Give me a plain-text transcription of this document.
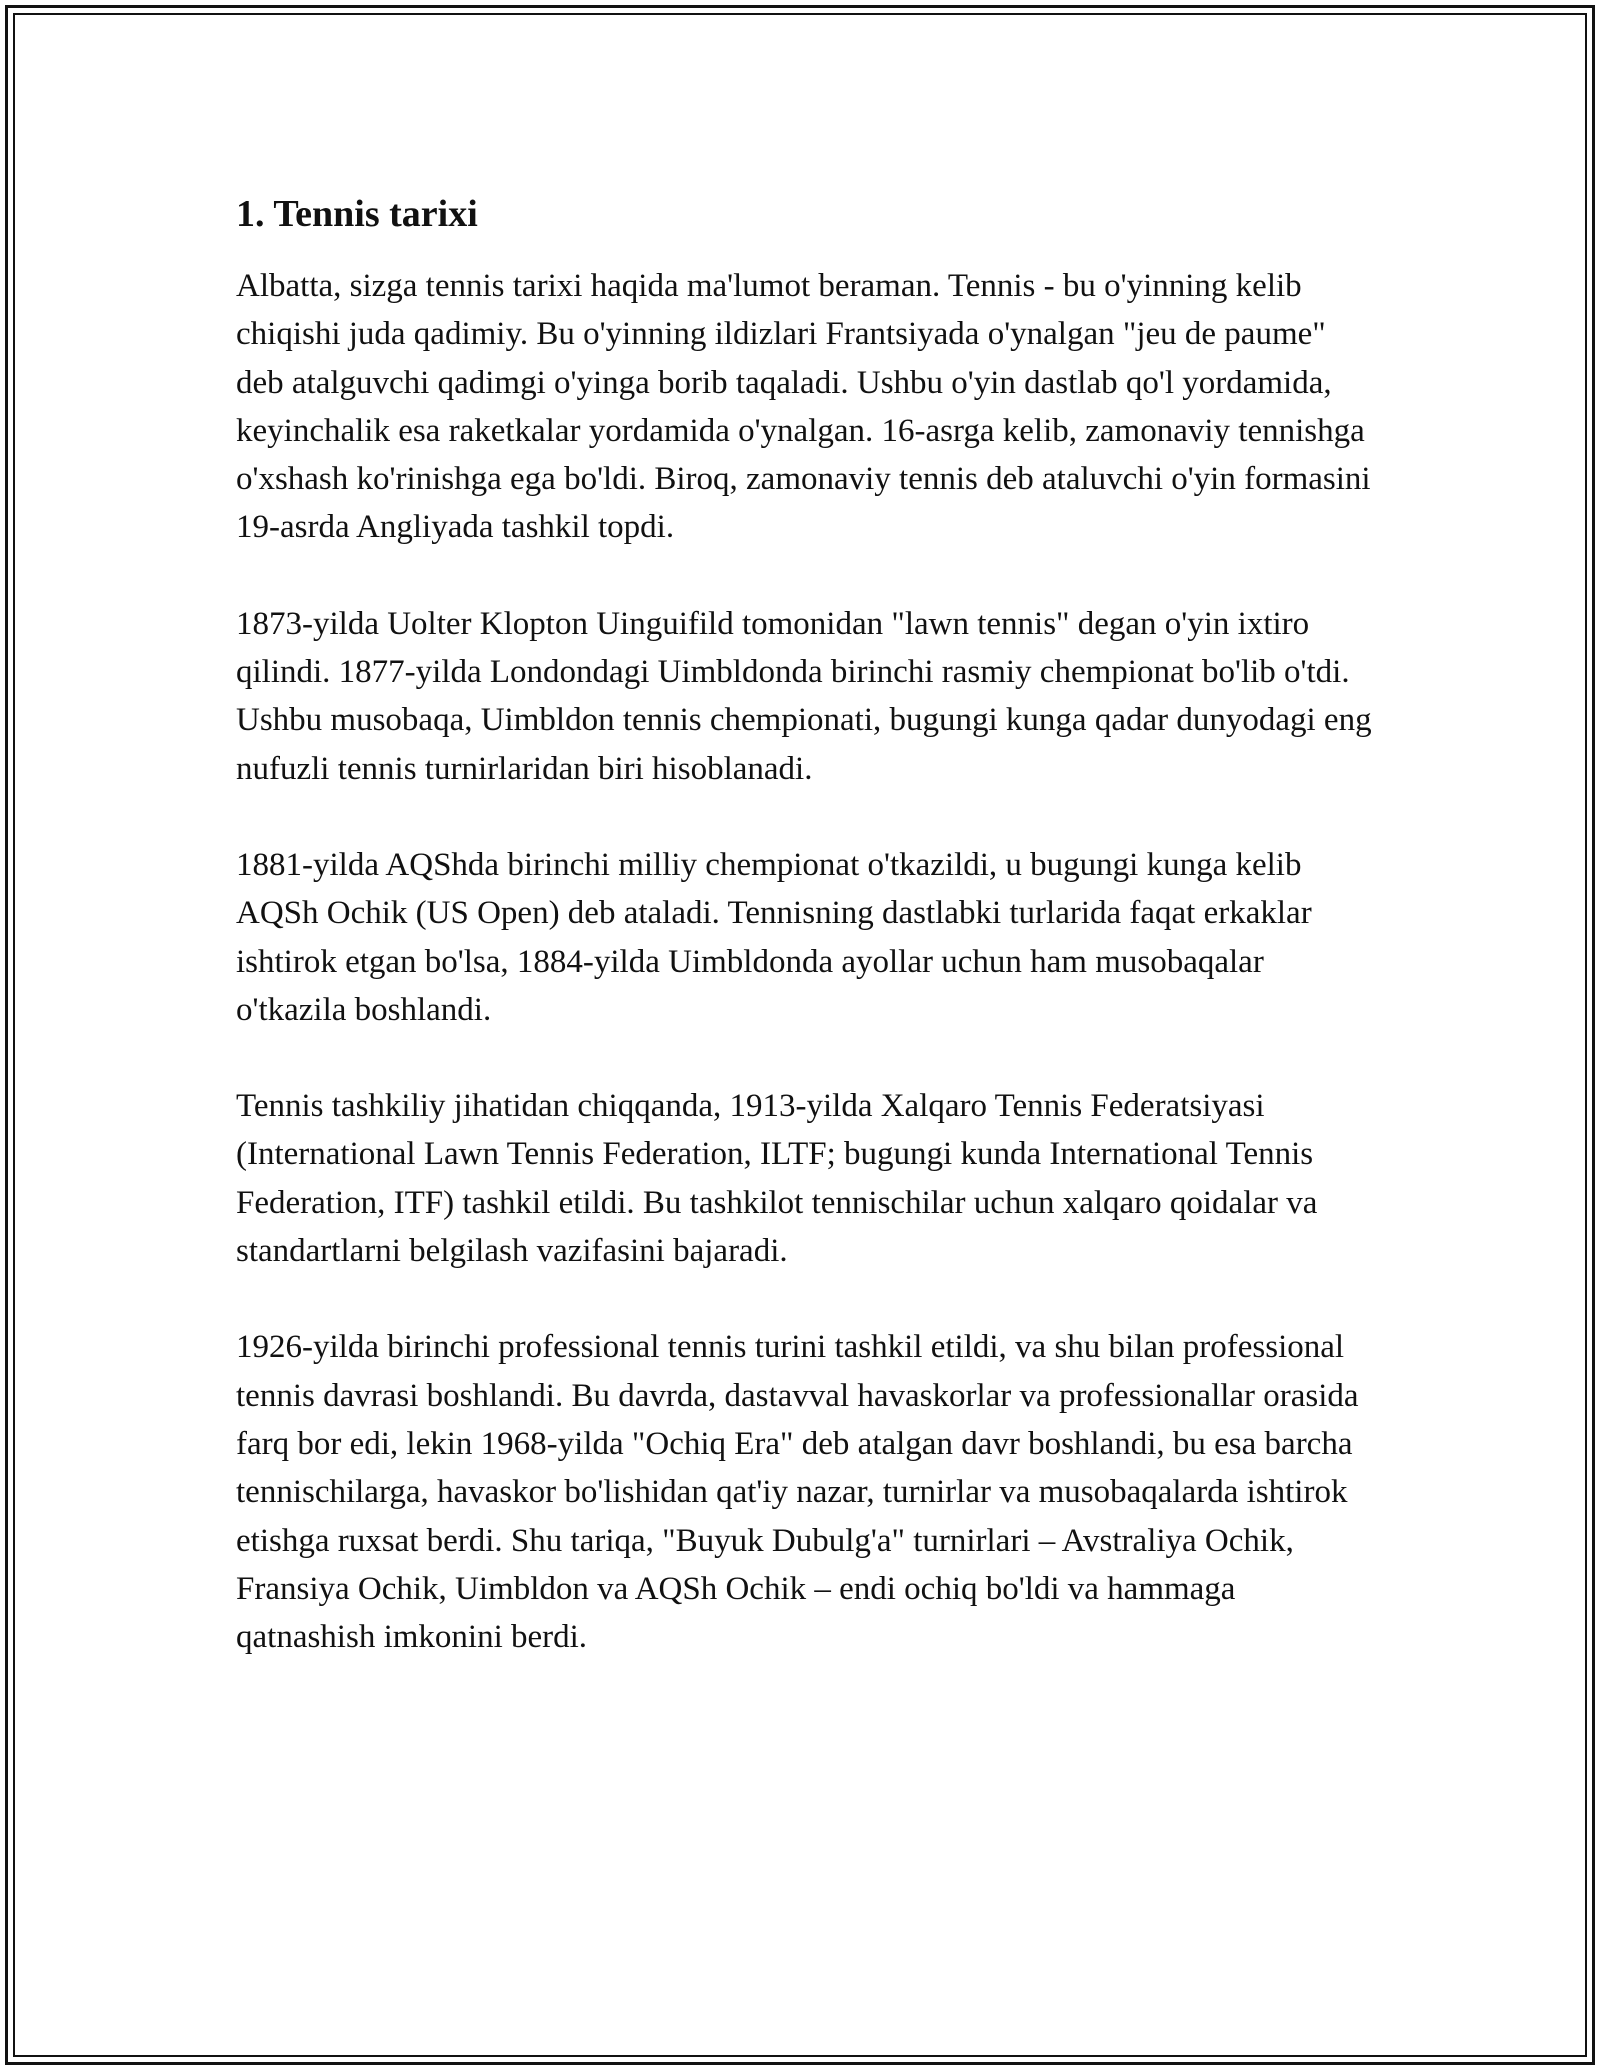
1. Tennis tarixi

Albatta, sizga tennis tarixi haqida ma'lumot beraman. Tennis - bu o'yinning kelib chiqishi juda qadimiy. Bu o'yinning ildizlari Frantsiyada o'ynalgan "jeu de paume" deb atalguvchi qadimgi o'yinga borib taqaladi. Ushbu o'yin dastlab qo'l yordamida, keyinchalik esa raketkalar yordamida o'ynalgan. 16-asrga kelib, zamonaviy tennishga o'xshash ko'rinishga ega bo'ldi. Biroq, zamonaviy tennis deb ataluvchi o'yin formasini 19-asrda Angliyada tashkil topdi.

1873-yilda Uolter Klopton Uinguifild tomonidan "lawn tennis" degan o'yin ixtiro qilindi. 1877-yilda Londondagi Uimbldonda birinchi rasmiy chempionat bo'lib o'tdi. Ushbu musobaqa, Uimbldon tennis chempionati, bugungi kunga qadar dunyodagi eng nufuzli tennis turnirlaridan biri hisoblanadi.

1881-yilda AQShda birinchi milliy chempionat o'tkazildi, u bugungi kunga kelib AQSh Ochik (US Open) deb ataladi. Tennisning dastlabki turlarida faqat erkaklar ishtirok etgan bo'lsa, 1884-yilda Uimbldonda ayollar uchun ham musobaqalar o'tkazila boshlandi.

Tennis tashkiliy jihatidan chiqqanda, 1913-yilda Xalqaro Tennis Federatsiyasi (International Lawn Tennis Federation, ILTF; bugungi kunda International Tennis Federation, ITF) tashkil etildi. Bu tashkilot tennischilar uchun xalqaro qoidalar va standartlarni belgilash vazifasini bajaradi.

1926-yilda birinchi professional tennis turini tashkil etildi, va shu bilan professional tennis davrasi boshlandi. Bu davrda, dastavval havaskorlar va professionallar orasida farq bor edi, lekin 1968-yilda "Ochiq Era" deb atalgan davr boshlandi, bu esa barcha tennischilarga, havaskor bo'lishidan qat'iy nazar, turnirlar va musobaqalarda ishtirok etishga ruxsat berdi. Shu tariqa, "Buyuk Dubulg'a" turnirlari – Avstraliya Ochik, Fransiya Ochik, Uimbldon va AQSh Ochik – endi ochiq bo'ldi va hammaga qatnashish imkonini berdi.
